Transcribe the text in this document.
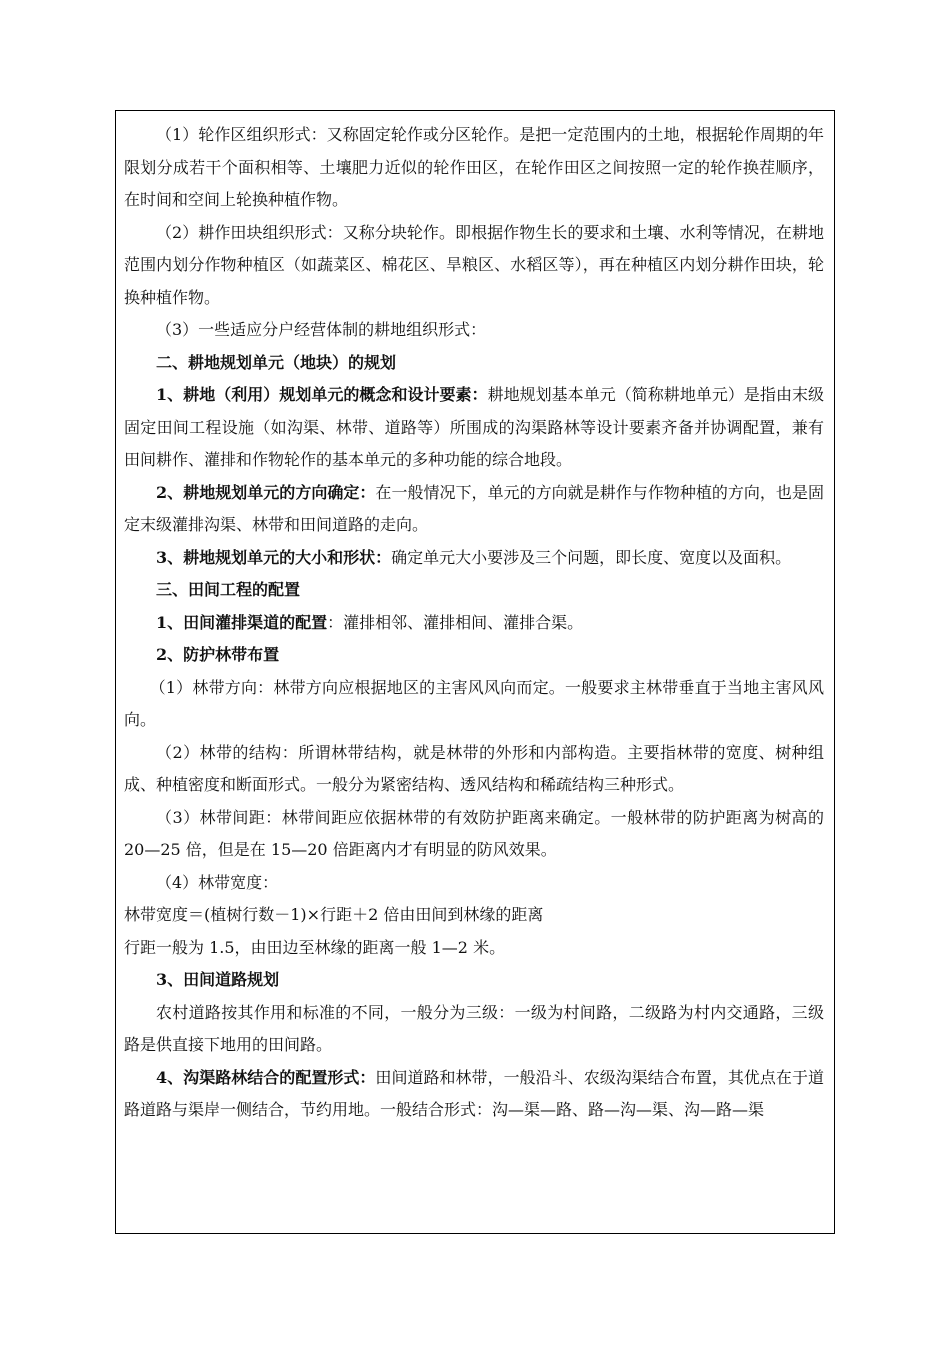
（1）轮作区组织形式：又称固定轮作或分区轮作。是把一定范围内的土地，根据轮作周期的年限划分成若干个面积相等、土壤肥力近似的轮作田区，在轮作田区之间按照一定的轮作换茬顺序，在时间和空间上轮换种植作物。

（2）耕作田块组织形式：又称分块轮作。即根据作物生长的要求和土壤、水利等情况，在耕地范围内划分作物种植区（如蔬菜区、棉花区、旱粮区、水稻区等），再在种植区内划分耕作田块，轮换种植作物。

（3）一些适应分户经营体制的耕地组织形式：

二、耕地规划单元（地块）的规划

1、耕地（利用）规划单元的概念和设计要素：耕地规划基本单元（简称耕地单元）是指由末级固定田间工程设施（如沟渠、林带、道路等）所围成的沟渠路林等设计要素齐备并协调配置，兼有田间耕作、灌排和作物轮作的基本单元的多种功能的综合地段。

2、耕地规划单元的方向确定：在一般情况下，单元的方向就是耕作与作物种植的方向，也是固定末级灌排沟渠、林带和田间道路的走向。

3、耕地规划单元的大小和形状：确定单元大小要涉及三个问题，即长度、宽度以及面积。

三、田间工程的配置

1、田间灌排渠道的配置：灌排相邻、灌排相间、灌排合渠。

2、防护林带布置

（1）林带方向：林带方向应根据地区的主害风风向而定。一般要求主林带垂直于当地主害风风向。

（2）林带的结构：所谓林带结构，就是林带的外形和内部构造。主要指林带的宽度、树种组成、种植密度和断面形式。一般分为紧密结构、透风结构和稀疏结构三种形式。

（3）林带间距：林带间距应依据林带的有效防护距离来确定。一般林带的防护距离为树高的 20—25 倍，但是在 15—20 倍距离内才有明显的防风效果。

（4）林带宽度：

林带宽度＝(植树行数－1)×行距＋2 倍由田间到林缘的距离

行距一般为 1.5，由田边至林缘的距离一般 1—2 米。

3、田间道路规划

农村道路按其作用和标准的不同，一般分为三级：一级为村间路，二级路为村内交通路，三级路是供直接下地用的田间路。

4、沟渠路林结合的配置形式：田间道路和林带，一般沿斗、农级沟渠结合布置，其优点在于道路道路与渠岸一侧结合，节约用地。一般结合形式：沟—渠—路、路—沟—渠、沟—路—渠
